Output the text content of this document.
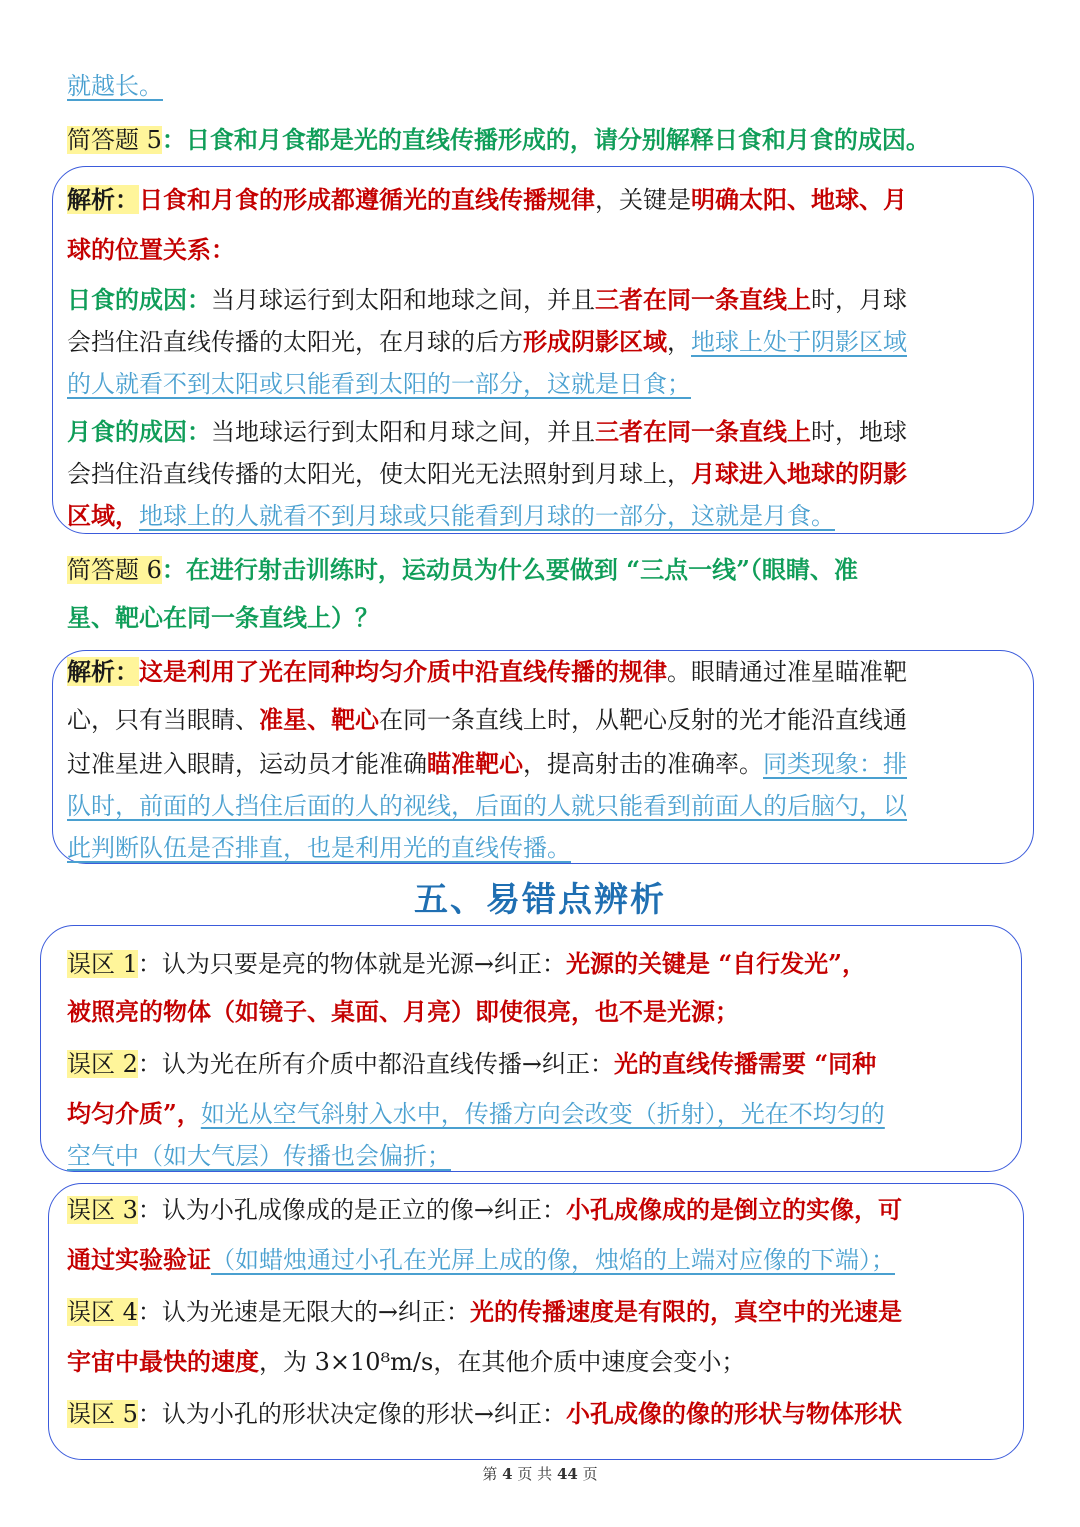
就越长。
简答题 5：日食和月食都是光的直线传播形成的，请分别解释日食和月食的成因。
解析：日食和月食的形成都遵循光的直线传播规律，关键是明确太阳、地球、月
球的位置关系：
日食的成因：当月球运行到太阳和地球之间，并且三者在同一条直线上时，月球
会挡住沿直线传播的太阳光，在月球的后方形成阴影区域，地球上处于阴影区域
的人就看不到太阳或只能看到太阳的一部分，这就是日食；
月食的成因：当地球运行到太阳和月球之间，并且三者在同一条直线上时，地球
会挡住沿直线传播的太阳光，使太阳光无法照射到月球上，月球进入地球的阴影
区域，地球上的人就看不到月球或只能看到月球的一部分，这就是月食。
简答题 6：在进行射击训练时，运动员为什么要做到 “三点一线”（眼睛、准
星、靶心在同一条直线上）？
解析：这是利用了光在同种均匀介质中沿直线传播的规律。眼睛通过准星瞄准靶
心，只有当眼睛、准星、靶心在同一条直线上时，从靶心反射的光才能沿直线通
过准星进入眼睛，运动员才能准确瞄准靶心，提高射击的准确率。同类现象：排
队时，前面的人挡住后面的人的视线，后面的人就只能看到前面人的后脑勺，以
此判断队伍是否排直，也是利用光的直线传播。
五、易错点辨析
误区 1：认为只要是亮的物体就是光源→纠正：光源的关键是 “自行发光”，
被照亮的物体（如镜子、桌面、月亮）即使很亮，也不是光源；
误区 2：认为光在所有介质中都沿直线传播→纠正：光的直线传播需要 “同种
均匀介质”，如光从空气斜射入水中，传播方向会改变（折射），光在不均匀的
空气中（如大气层）传播也会偏折；
误区 3：认为小孔成像成的是正立的像→纠正：小孔成像成的是倒立的实像，可
通过实验验证（如蜡烛通过小孔在光屏上成的像，烛焰的上端对应像的下端）；
误区 4：认为光速是无限大的→纠正：光的传播速度是有限的，真空中的光速是
宇宙中最快的速度，为 3×10⁸m/s，在其他介质中速度会变小；
误区 5：认为小孔的形状决定像的形状→纠正：小孔成像的像的形状与物体形状
第 4 页 共 44 页
